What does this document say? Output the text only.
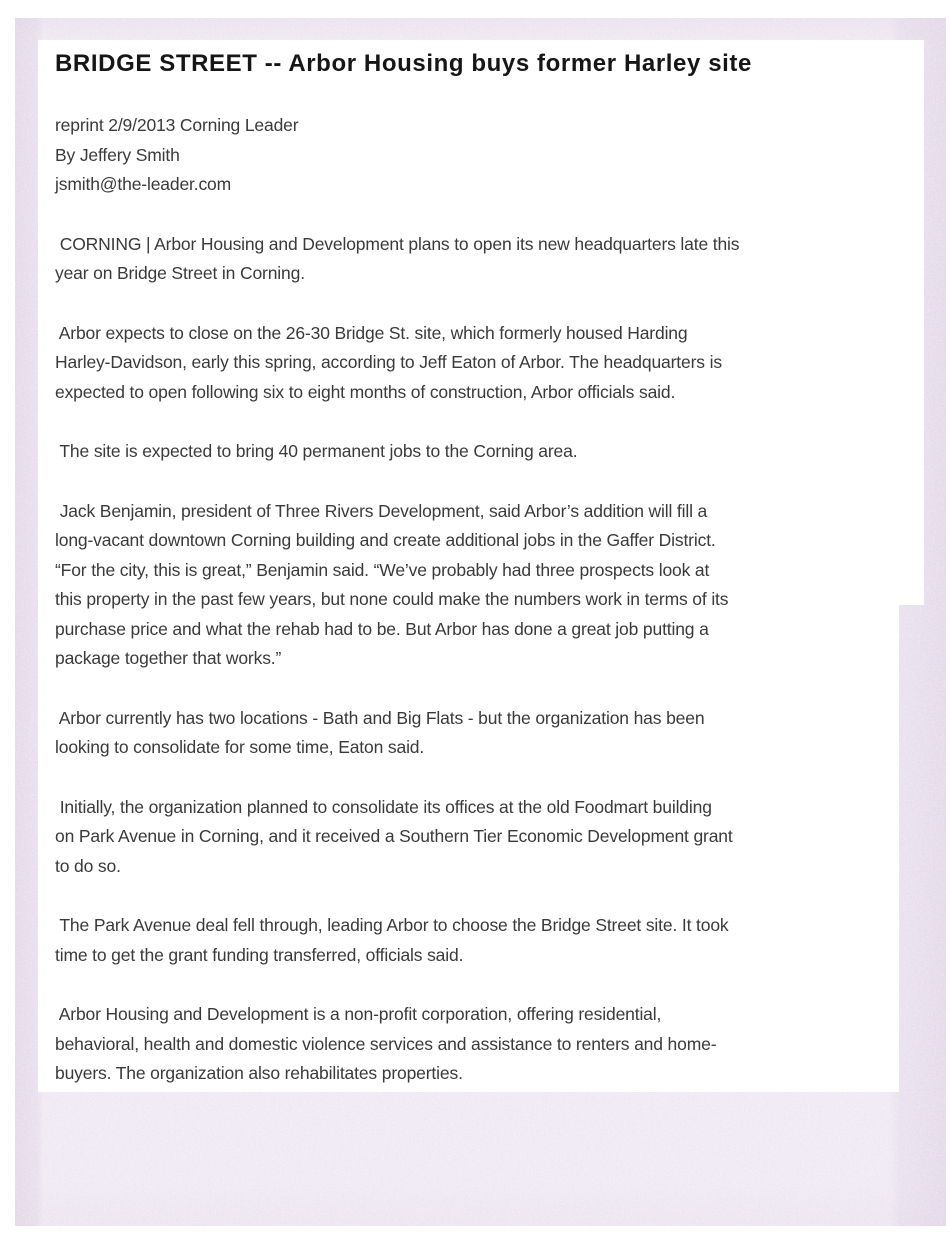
BRIDGE STREET -- Arbor Housing buys former Harley site
reprint 2/9/2013 Corning Leader
By Jeffery Smith
jsmith@the-leader.com
CORNING | Arbor Housing and Development plans to open its new headquarters late this
year on Bridge Street in Corning.
Arbor expects to close on the 26-30 Bridge St. site, which formerly housed Harding
Harley-Davidson, early this spring, according to Jeff Eaton of Arbor. The headquarters is
expected to open following six to eight months of construction, Arbor officials said.
The site is expected to bring 40 permanent jobs to the Corning area.
Jack Benjamin, president of Three Rivers Development, said Arbor’s addition will fill a
long-vacant downtown Corning building and create additional jobs in the Gaffer District.
“For the city, this is great,” Benjamin said. “We’ve probably had three prospects look at
this property in the past few years, but none could make the numbers work in terms of its
purchase price and what the rehab had to be. But Arbor has done a great job putting a
package together that works.”
Arbor currently has two locations - Bath and Big Flats - but the organization has been
looking to consolidate for some time, Eaton said.
Initially, the organization planned to consolidate its offices at the old Foodmart building
on Park Avenue in Corning, and it received a Southern Tier Economic Development grant
to do so.
The Park Avenue deal fell through, leading Arbor to choose the Bridge Street site. It took
time to get the grant funding transferred, officials said.
Arbor Housing and Development is a non-profit corporation, offering residential,
behavioral, health and domestic violence services and assistance to renters and home-
buyers. The organization also rehabilitates properties.
